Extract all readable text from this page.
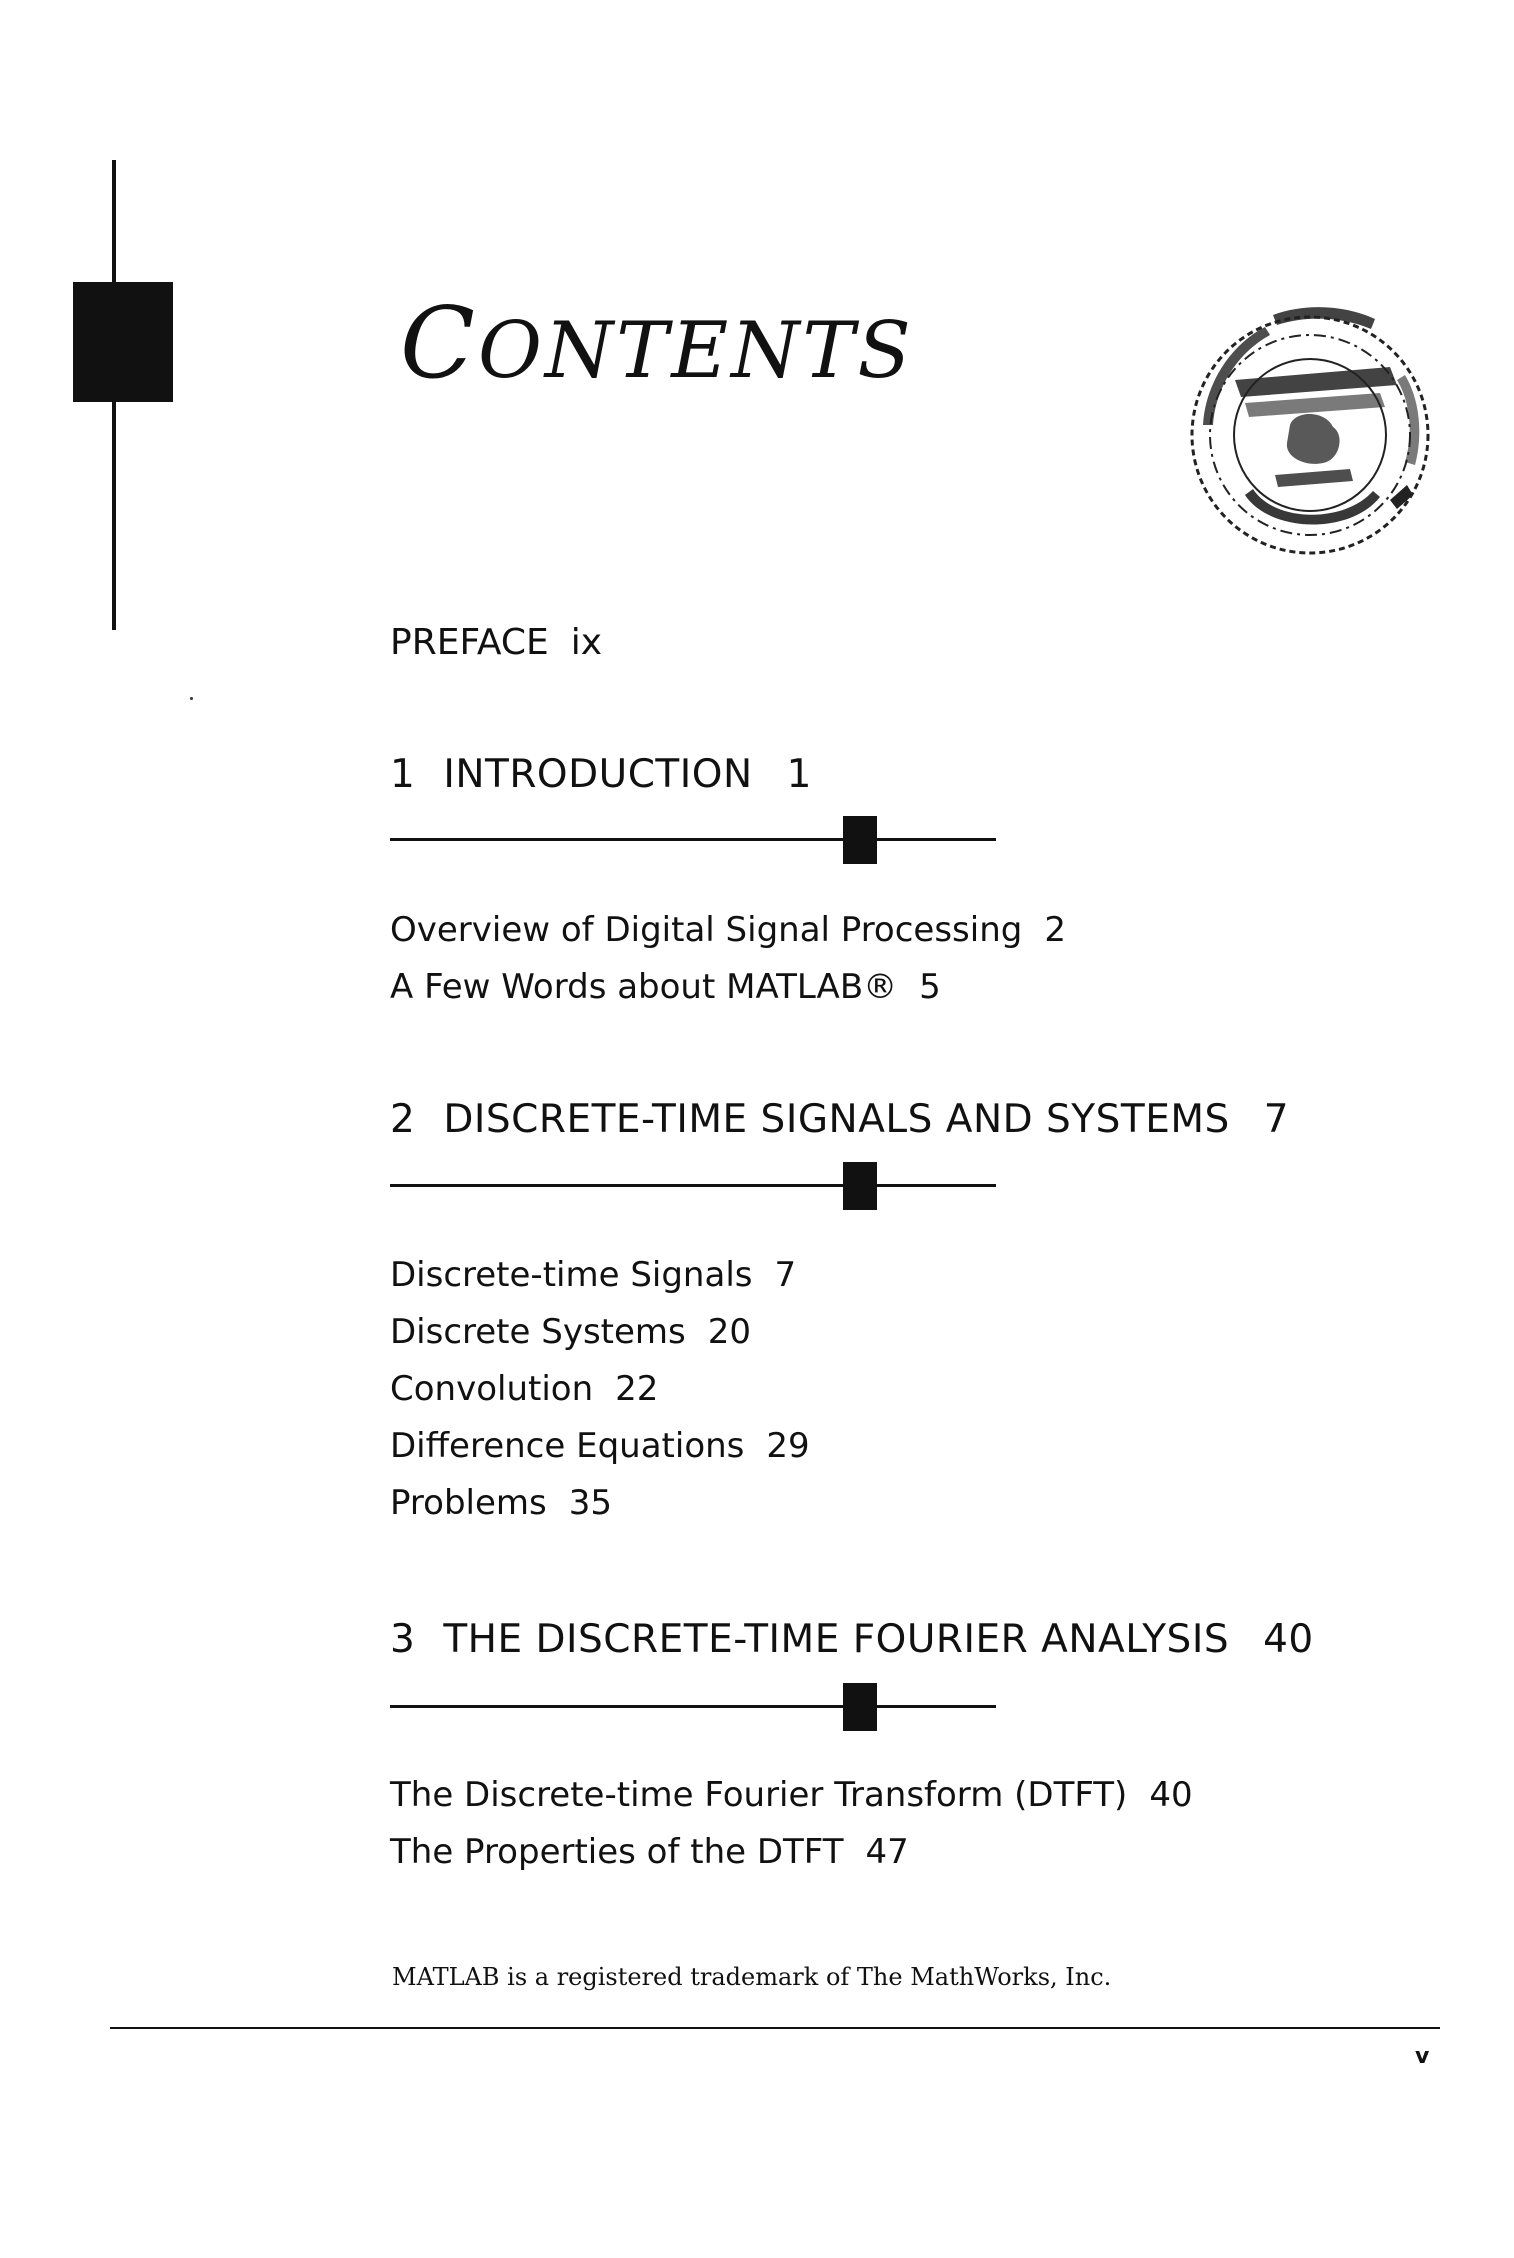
CONTENTS

PREFACE ix

1 INTRODUCTION 1

Overview of Digital Signal Processing 2

A Few Words about MATLAB® 5

2 DISCRETE-TIME SIGNALS AND SYSTEMS 7

Discrete-time Signals 7

Discrete Systems 20

Convolution 22

Difference Equations 29

Problems 35

3 THE DISCRETE-TIME FOURIER ANALYSIS 40

The Discrete-time Fourier Transform (DTFT) 40

The Properties of the DTFT 47

MATLAB is a registered trademark of The MathWorks, Inc.

v
